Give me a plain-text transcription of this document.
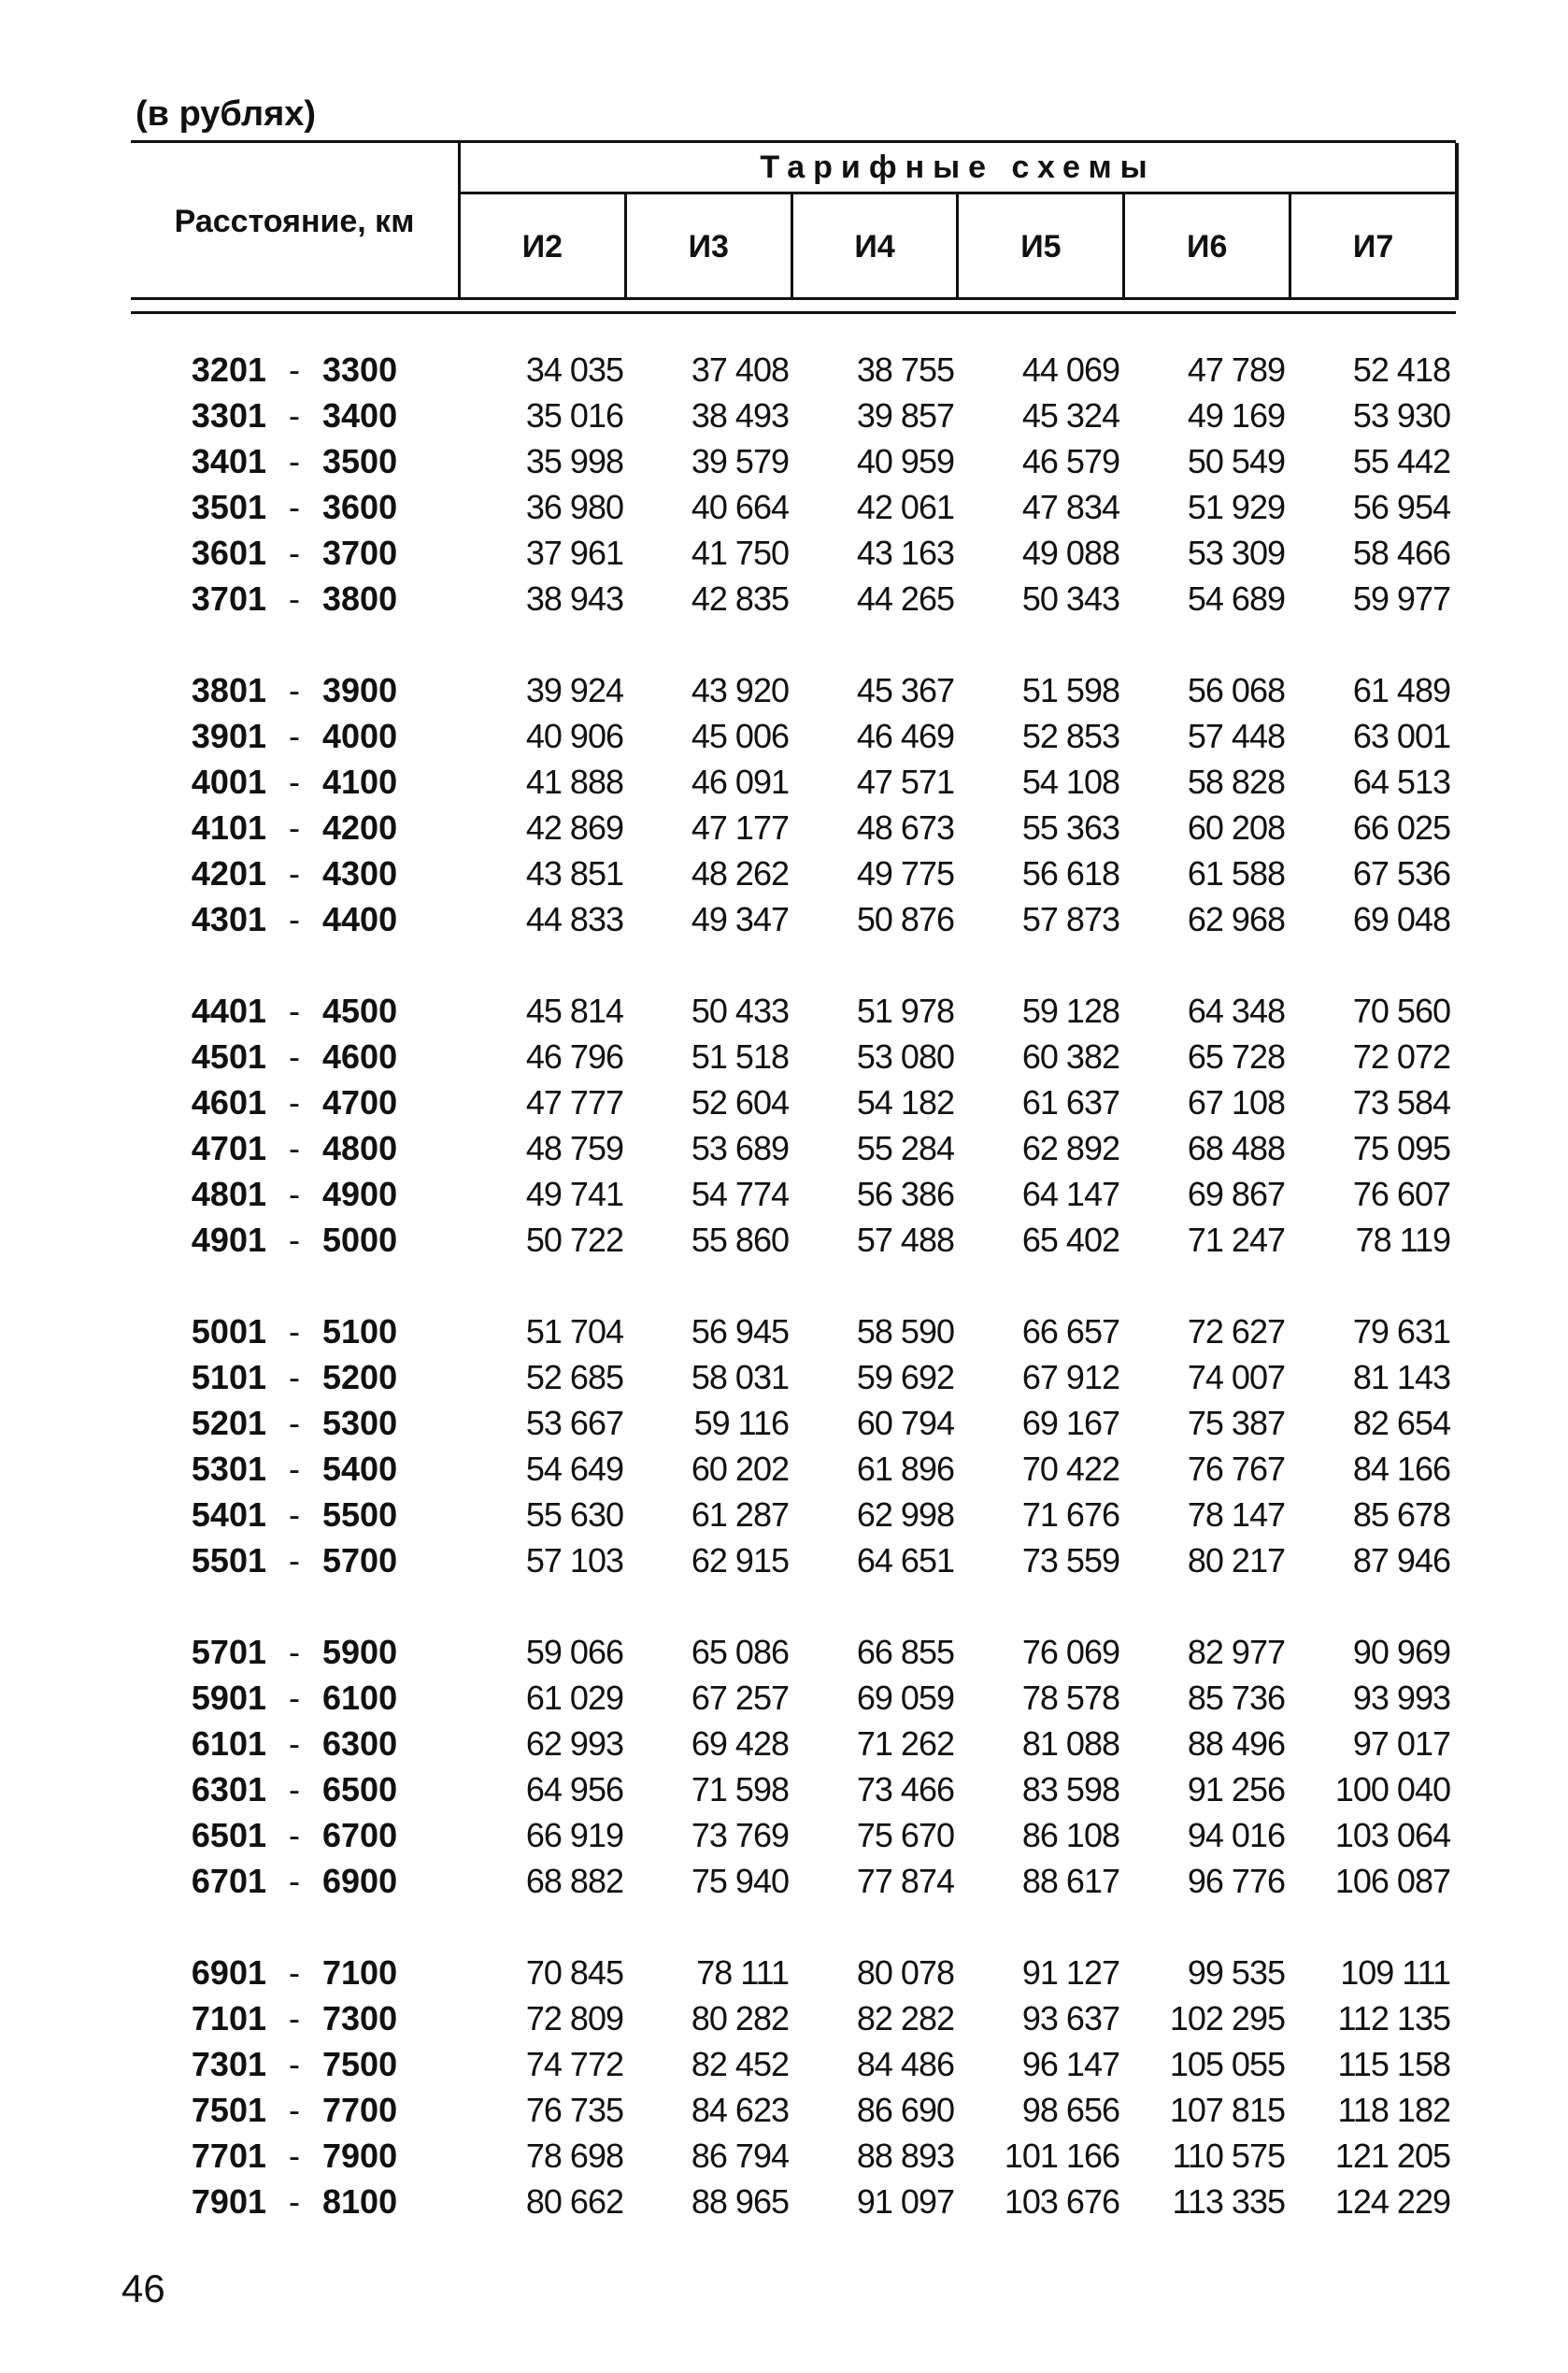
(в рублях)
Расстояние, км
Тарифные схемы
И2	И3	И4	И5	И6	И7
3201 - 3300	34 035	37 408	38 755	44 069	47 789	52 418
3301 - 3400	35 016	38 493	39 857	45 324	49 169	53 930
3401 - 3500	35 998	39 579	40 959	46 579	50 549	55 442
3501 - 3600	36 980	40 664	42 061	47 834	51 929	56 954
3601 - 3700	37 961	41 750	43 163	49 088	53 309	58 466
3701 - 3800	38 943	42 835	44 265	50 343	54 689	59 977
3801 - 3900	39 924	43 920	45 367	51 598	56 068	61 489
3901 - 4000	40 906	45 006	46 469	52 853	57 448	63 001
4001 - 4100	41 888	46 091	47 571	54 108	58 828	64 513
4101 - 4200	42 869	47 177	48 673	55 363	60 208	66 025
4201 - 4300	43 851	48 262	49 775	56 618	61 588	67 536
4301 - 4400	44 833	49 347	50 876	57 873	62 968	69 048
4401 - 4500	45 814	50 433	51 978	59 128	64 348	70 560
4501 - 4600	46 796	51 518	53 080	60 382	65 728	72 072
4601 - 4700	47 777	52 604	54 182	61 637	67 108	73 584
4701 - 4800	48 759	53 689	55 284	62 892	68 488	75 095
4801 - 4900	49 741	54 774	56 386	64 147	69 867	76 607
4901 - 5000	50 722	55 860	57 488	65 402	71 247	78 119
5001 - 5100	51 704	56 945	58 590	66 657	72 627	79 631
5101 - 5200	52 685	58 031	59 692	67 912	74 007	81 143
5201 - 5300	53 667	59 116	60 794	69 167	75 387	82 654
5301 - 5400	54 649	60 202	61 896	70 422	76 767	84 166
5401 - 5500	55 630	61 287	62 998	71 676	78 147	85 678
5501 - 5700	57 103	62 915	64 651	73 559	80 217	87 946
5701 - 5900	59 066	65 086	66 855	76 069	82 977	90 969
5901 - 6100	61 029	67 257	69 059	78 578	85 736	93 993
6101 - 6300	62 993	69 428	71 262	81 088	88 496	97 017
6301 - 6500	64 956	71 598	73 466	83 598	91 256	100 040
6501 - 6700	66 919	73 769	75 670	86 108	94 016	103 064
6701 - 6900	68 882	75 940	77 874	88 617	96 776	106 087
6901 - 7100	70 845	78 111	80 078	91 127	99 535	109 111
7101 - 7300	72 809	80 282	82 282	93 637	102 295	112 135
7301 - 7500	74 772	82 452	84 486	96 147	105 055	115 158
7501 - 7700	76 735	84 623	86 690	98 656	107 815	118 182
7701 - 7900	78 698	86 794	88 893	101 166	110 575	121 205
7901 - 8100	80 662	88 965	91 097	103 676	113 335	124 229
46
